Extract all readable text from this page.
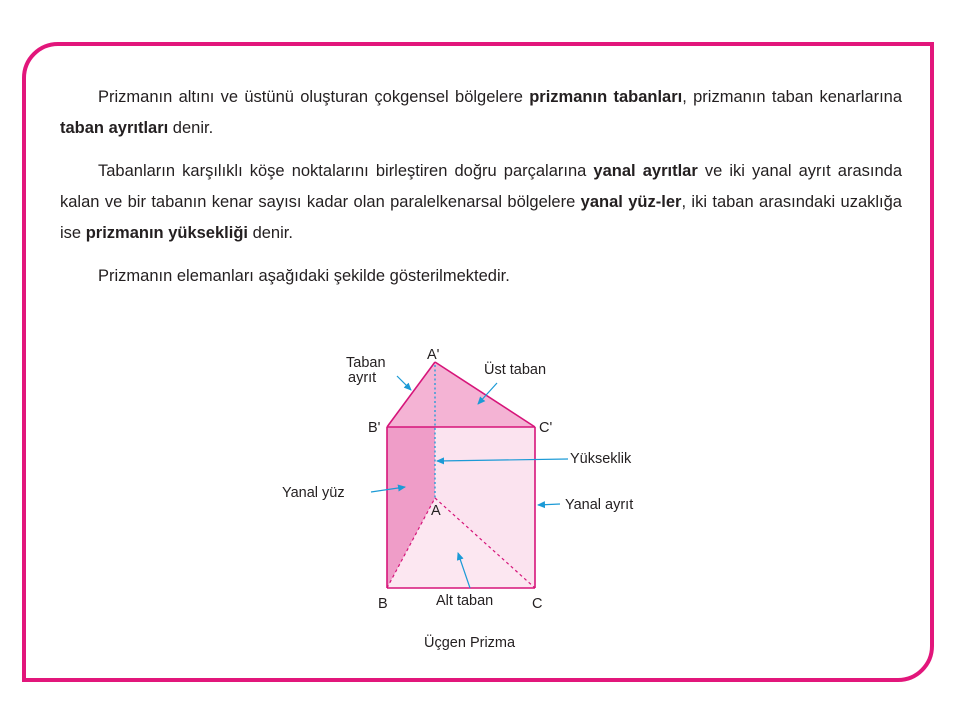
Prizmanın altını ve üstünü oluşturan çokgensel bölgelere prizmanın tabanları, prizmanın taban kenarlarına taban ayrıtları denir.

Tabanların karşılıklı köşe noktalarını birleştiren doğru parçalarına yanal ayrıtlar ve iki yanal ayrıt arasında kalan ve bir tabanın kenar sayısı kadar olan paralelkenarsal bölgelere yanal yüz-ler, iki taban arasındaki uzaklığa ise prizmanın yüksekliği denir.

Prizmanın elemanları aşağıdaki şekilde gösterilmektedir.

A'
B'	C'
A
B	C
Taban
ayrıt	Üst taban
Yükseklik
Yanal yüz
Yanal ayrıt
Alt taban
Üçgen Prizma
